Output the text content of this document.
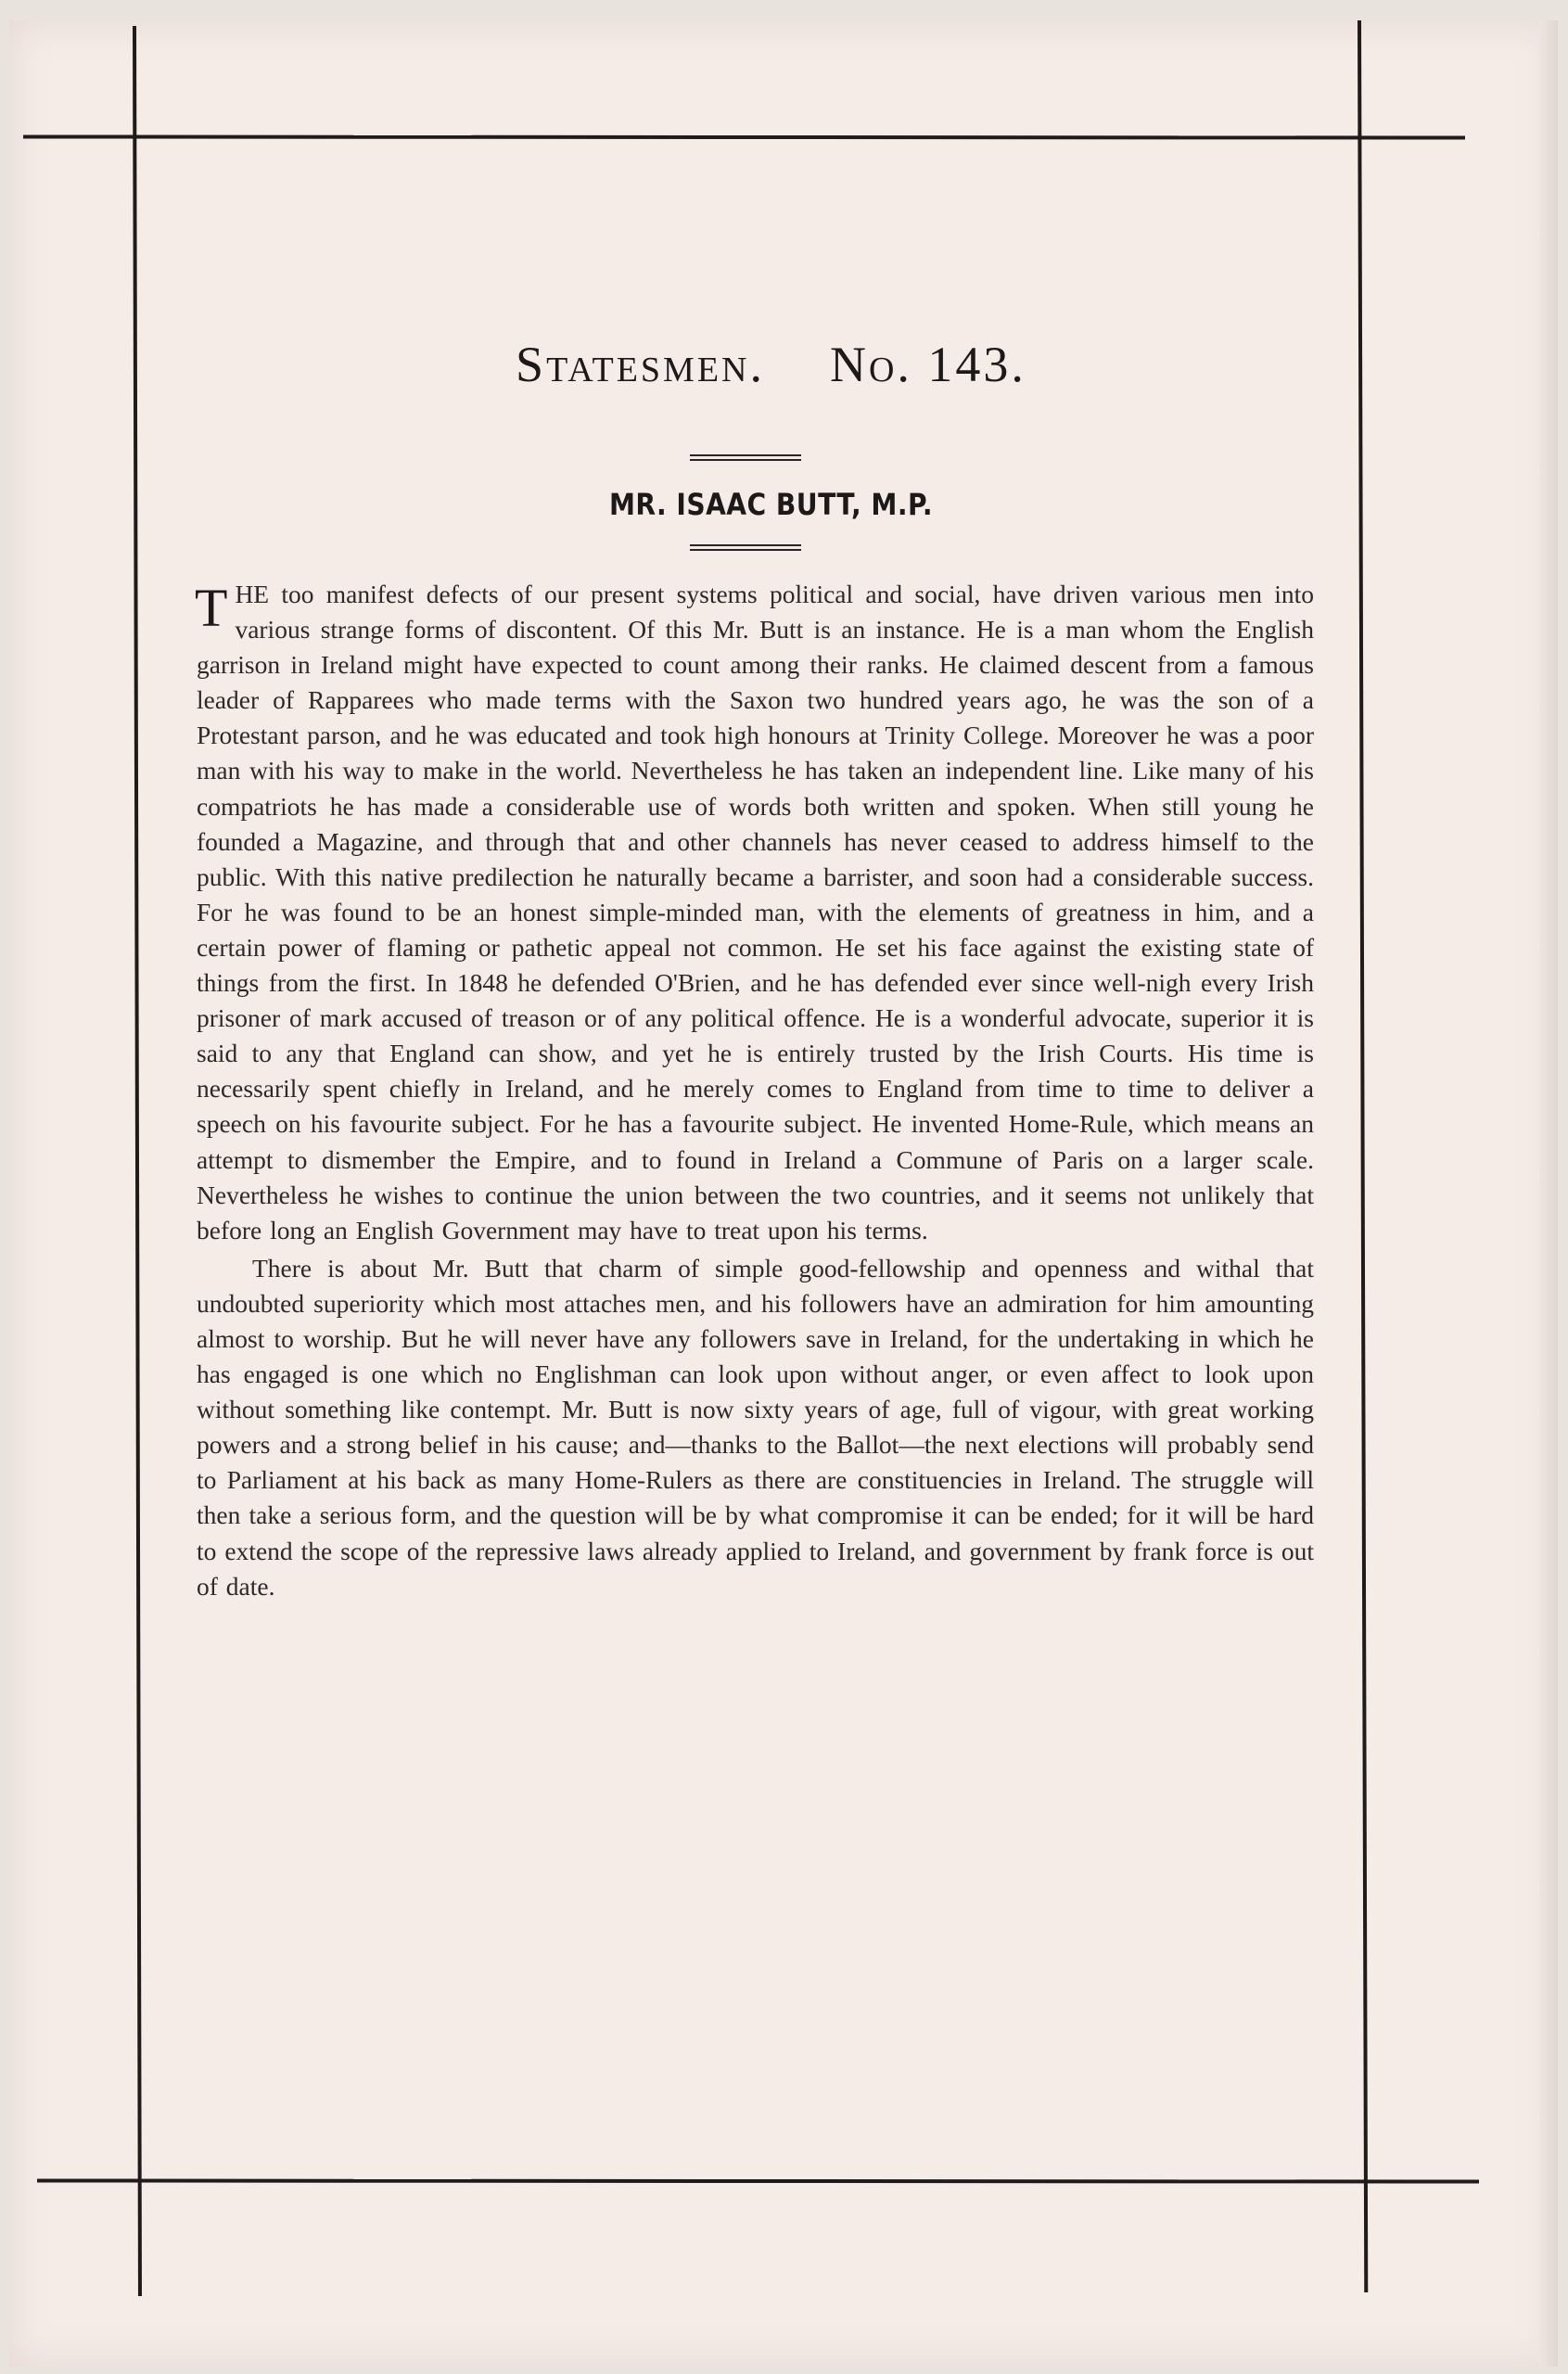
Statesmen. No. 143.
MR. ISAAC BUTT, M.P.

THE too manifest defects of our present systems political and social, have driven various men into various strange forms of discontent. Of this Mr. Butt is an instance. He is a man whom the English garrison in Ireland might have expected to count among their ranks. He claimed descent from a famous leader of Rapparees who made terms with the Saxon two hundred years ago, he was the son of a Protestant parson, and he was educated and took high honours at Trinity College. Moreover he was a poor man with his way to make in the world. Nevertheless he has taken an independent line. Like many of his compatriots he has made a considerable use of words both written and spoken. When still young he founded a Magazine, and through that and other channels has never ceased to address himself to the public. With this native predilection he naturally became a barrister, and soon had a considerable success. For he was found to be an honest simple-minded man, with the elements of greatness in him, and a certain power of flaming or pathetic appeal not common. He set his face against the existing state of things from the first. In 1848 he defended O'Brien, and he has defended ever since well-nigh every Irish prisoner of mark accused of treason or of any political offence. He is a wonderful advocate, superior it is said to any that England can show, and yet he is entirely trusted by the Irish Courts. His time is necessarily spent chiefly in Ireland, and he merely comes to England from time to time to deliver a speech on his favourite subject. For he has a favourite subject. He invented Home-Rule, which means an attempt to dismember the Empire, and to found in Ireland a Commune of Paris on a larger scale. Nevertheless he wishes to continue the union between the two countries, and it seems not unlikely that before long an English Government may have to treat upon his terms.

There is about Mr. Butt that charm of simple good-fellowship and openness and withal that undoubted superiority which most attaches men, and his followers have an admiration for him amounting almost to worship. But he will never have any followers save in Ireland, for the undertaking in which he has engaged is one which no Englishman can look upon without anger, or even affect to look upon without something like contempt. Mr. Butt is now sixty years of age, full of vigour, with great working powers and a strong belief in his cause; and—thanks to the Ballot—the next elections will probably send to Parliament at his back as many Home-Rulers as there are constituencies in Ireland. The struggle will then take a serious form, and the question will be by what compromise it can be ended; for it will be hard to extend the scope of the repressive laws already applied to Ireland, and government by frank force is out of date.
